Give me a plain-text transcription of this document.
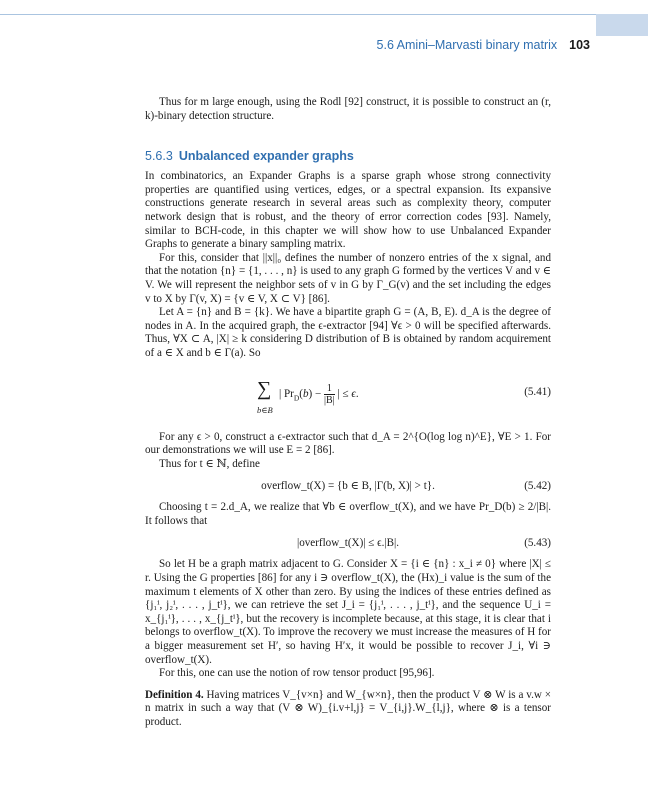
5.6 Amini–Marvasti binary matrix 103

Thus for m large enough, using the Rodl [92] construct, it is possible to construct an (r, k)-binary detection structure.

5.6.3 Unbalanced expander graphs

In combinatorics, an Expander Graphs is a sparse graph whose strong connectivity properties are quantified using vertices, edges, or a spectral expansion. Its expansive constructions generate research in several areas such as complexity theory, computer network design that is robust, and the theory of error correction codes [93]. Namely, similar to BCH-code, in this chapter we will show how to use Unbalanced Expander Graphs to generate a binary sampling matrix.

For this, consider that ||x||₀ defines the number of nonzero entries of the x signal, and that the notation {n} = {1, . . . , n} is used to any graph G formed by the vertices V and v ∈ V. We will represent the neighbor sets of v in G by Γ_G(v) and the set including the edges v to X by Γ(v, X) = {v ∈ V, X ⊂ V} [86].

Let A = {n} and B = {k}. We have a bipartite graph G = (A, B, E). d_A is the degree of nodes in A. In the acquired graph, the ϵ-extractor [94] ∀ϵ > 0 will be specified afterwards. Thus, ∀X ⊂ A, |X| ≥ k considering D distribution of B is obtained by random acquirement of a ∈ X and b ∈ Γ(a). So

∑
b∈B
| $Pr_D(b) - \frac{1}{|B|}$ | ≤ ϵ.	(5.41)

For any ϵ > 0, construct a ϵ-extractor such that d_A = 2^{O(log log n)^E}, ∀E > 1. For our demonstrations we will use E = 2 [86].

Thus for t ∈ ℕ, define

overflow_t(X) = {b ∈ B, |Γ(b, X)| > t}.	(5.42)

Choosing t = 2.d_A, we realize that ∀b ∈ overflow_t(X), and we have Pr_D(b) ≥ 2/|B|. It follows that

|overflow_t(X)| ≤ ϵ.|B|.	(5.43)

So let H be a graph matrix adjacent to G. Consider X = {i ∈ {n} : x_i ≠ 0} where |X| ≤ r. Using the G properties [86] for any i ∋ overflow_t(X), the (Hx)_i value is the sum of the maximum t elements of X other than zero. By using the indices of these entries defined as {j₁ⁱ, j₂ⁱ, . . . , j_tⁱ}, we can retrieve the set J_i = {j₁ⁱ, . . . , j_tⁱ}, and the sequence U_i = x_{j₁ⁱ}, . . . , x_{j_tⁱ}, but the recovery is incomplete because, at this stage, it is clear that i belongs to overflow_t(X). To improve the recovery we must increase the measures of H for a bigger measurement set H′, so having H′x, it would be possible to recover J_i, ∀i ∋ overflow_t(X).

For this, one can use the notion of row tensor product [95,96].

Definition 4. Having matrices V_{v×n} and W_{w×n}, then the product V ⊗ W is a v.w × n matrix in such a way that (V ⊗ W)_{i.v+l,j} = V_{i,j}.W_{l,j}, where ⊗ is a tensor product.
